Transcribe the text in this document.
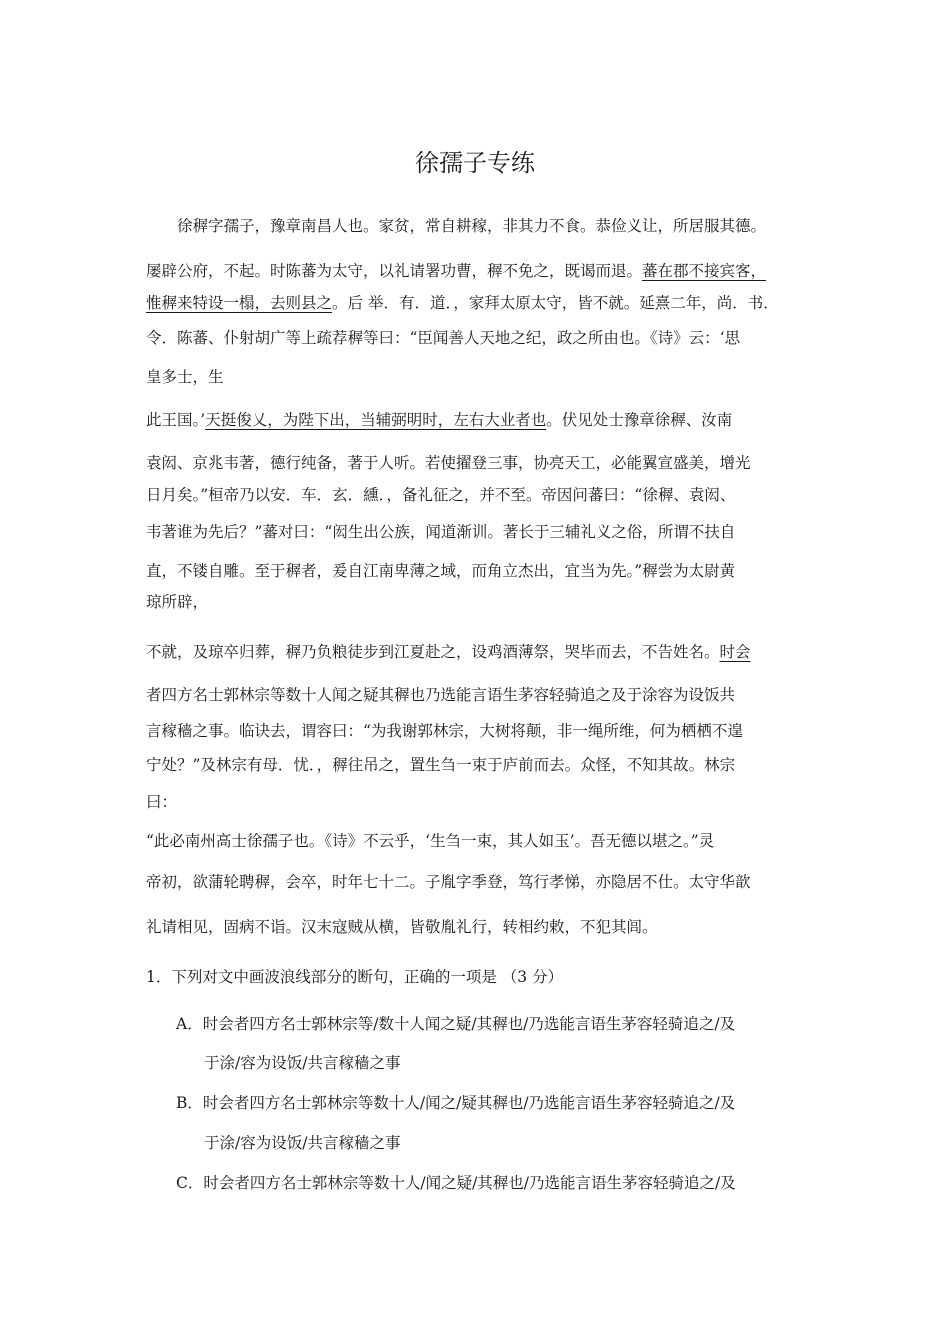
徐孺子专练
　　徐稺字孺子，豫章南昌人也。家贫，常自耕稼，非其力不食。恭俭义让，所居服其德。
屡辟公府，不起。时陈蕃为太守，以礼请署功曹，稺不免之，既谒而退。蕃在郡不接宾客，
惟稺来特设一榻，去则县之。后 举．有．道．，家拜太原太守，皆不就。延熹二年，尚．书．
令．陈蕃、仆射胡广等上疏荐稺等曰：“臣闻善人天地之纪，政之所由也。《诗》云：‘思
皇多士，生
此王国。’天挺俊乂，为陛下出，当辅弼明时，左右大业者也。伏见处士豫章徐稺、汝南
袁闳、京兆韦著，德行纯备，著于人听。若使擢登三事，协亮天工，必能翼宣盛美，增光
日月矣。”桓帝乃以安．车．玄．纁．，备礼征之，并不至。帝因问蕃曰：“徐稺、袁闳、
韦著谁为先后？”蕃对曰：“闳生出公族，闻道渐训。著长于三辅礼义之俗，所谓不扶自
直，不镂自雕。至于稺者，爰自江南卑薄之域，而角立杰出，宜当为先。”稺尝为太尉黄
琼所辟，
不就，及琼卒归葬，稺乃负粮徒步到江夏赴之，设鸡酒薄祭，哭毕而去，不告姓名。时会
者四方名士郭林宗等数十人闻之疑其稺也乃选能言语生茅容轻骑追之及于涂容为设饭共
言稼穑之事。临诀去，谓容曰：“为我谢郭林宗，大树将颠，非一绳所维，何为栖栖不遑
宁处？”及林宗有母．忧．，稺往吊之，置生刍一束于庐前而去。众怪，不知其故。林宗
曰：
“此必南州高士徐孺子也。《诗》不云乎，‘生刍一束，其人如玉’。吾无德以堪之。”灵
帝初，欲蒲轮聘稺，会卒，时年七十二。子胤字季登，笃行孝悌，亦隐居不仕。太守华歆
礼请相见，固病不诣。汉末寇贼从横，皆敬胤礼行，转相约敕，不犯其闾。
1．下列对文中画波浪线部分的断句，正确的一项是 （3 分）
A．时会者四方名士郭林宗等/数十人闻之疑/其稺也/乃选能言语生茅容轻骑追之/及
于涂/容为设饭/共言稼穑之事
B．时会者四方名士郭林宗等数十人/闻之/疑其稺也/乃选能言语生茅容轻骑追之/及
于涂/容为设饭/共言稼穑之事
C．时会者四方名士郭林宗等数十人/闻之疑/其稺也/乃选能言语生茅容轻骑追之/及
